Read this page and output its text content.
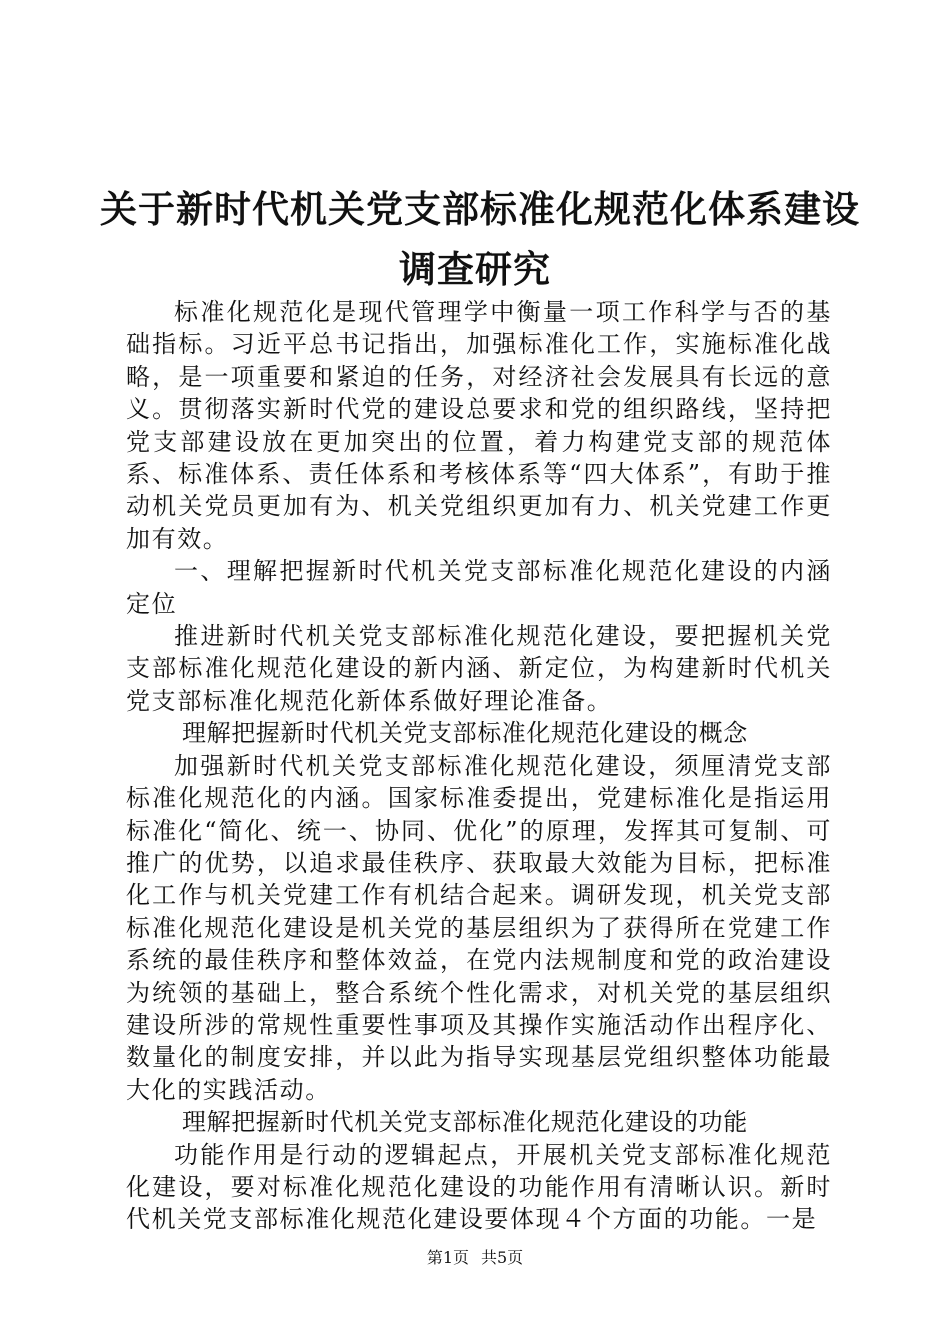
关于新时代机关党支部标准化规范化体系建设
调查研究

标准化规范化是现代管理学中衡量一项工作科学与否的基础指标。习近平总书记指出，加强标准化工作，实施标准化战略，是一项重要和紧迫的任务，对经济社会发展具有长远的意义。贯彻落实新时代党的建设总要求和党的组织路线，坚持把党支部建设放在更加突出的位置，着力构建党支部的规范体系、标准体系、责任体系和考核体系等“四大体系”，有助于推动机关党员更加有为、机关党组织更加有力、机关党建工作更加有效。

一、理解把握新时代机关党支部标准化规范化建设的内涵定位

推进新时代机关党支部标准化规范化建设，要把握机关党支部标准化规范化建设的新内涵、新定位，为构建新时代机关党支部标准化规范化新体系做好理论准备。

理解把握新时代机关党支部标准化规范化建设的概念

加强新时代机关党支部标准化规范化建设，须厘清党支部标准化规范化的内涵。国家标准委提出，党建标准化是指运用标准化“简化、统一、协同、优化”的原理，发挥其可复制、可推广的优势，以追求最佳秩序、获取最大效能为目标，把标准化工作与机关党建工作有机结合起来。调研发现，机关党支部标准化规范化建设是机关党的基层组织为了获得所在党建工作系统的最佳秩序和整体效益，在党内法规制度和党的政治建设为统领的基础上，整合系统个性化需求，对机关党的基层组织建设所涉的常规性重要性事项及其操作实施活动作出程序化、数量化的制度安排，并以此为指导实现基层党组织整体功能最大化的实践活动。

理解把握新时代机关党支部标准化规范化建设的功能

功能作用是行动的逻辑起点，开展机关党支部标准化规范化建设，要对标准化规范化建设的功能作用有清晰认识。新时代机关党支部标准化规范化建设要体现４个方面的功能。一是

第1页 共5页
